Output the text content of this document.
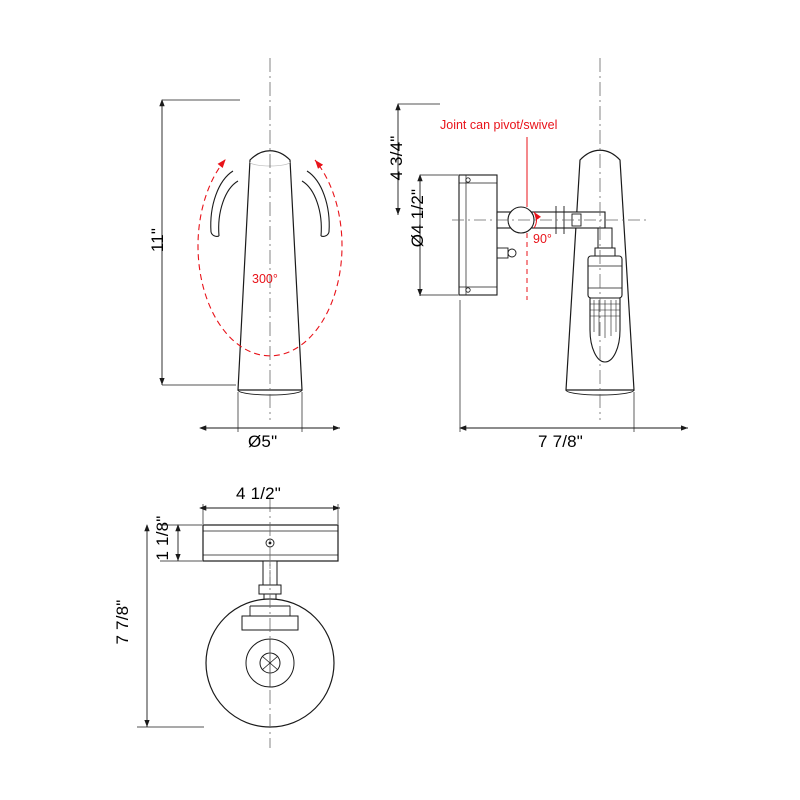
11"
Ø5"
300°
4 3/4"
Ø4 1/2"
7 7/8"
90°
Joint can pivot/swivel
4 1/2"
1 1/8"
7 7/8"
